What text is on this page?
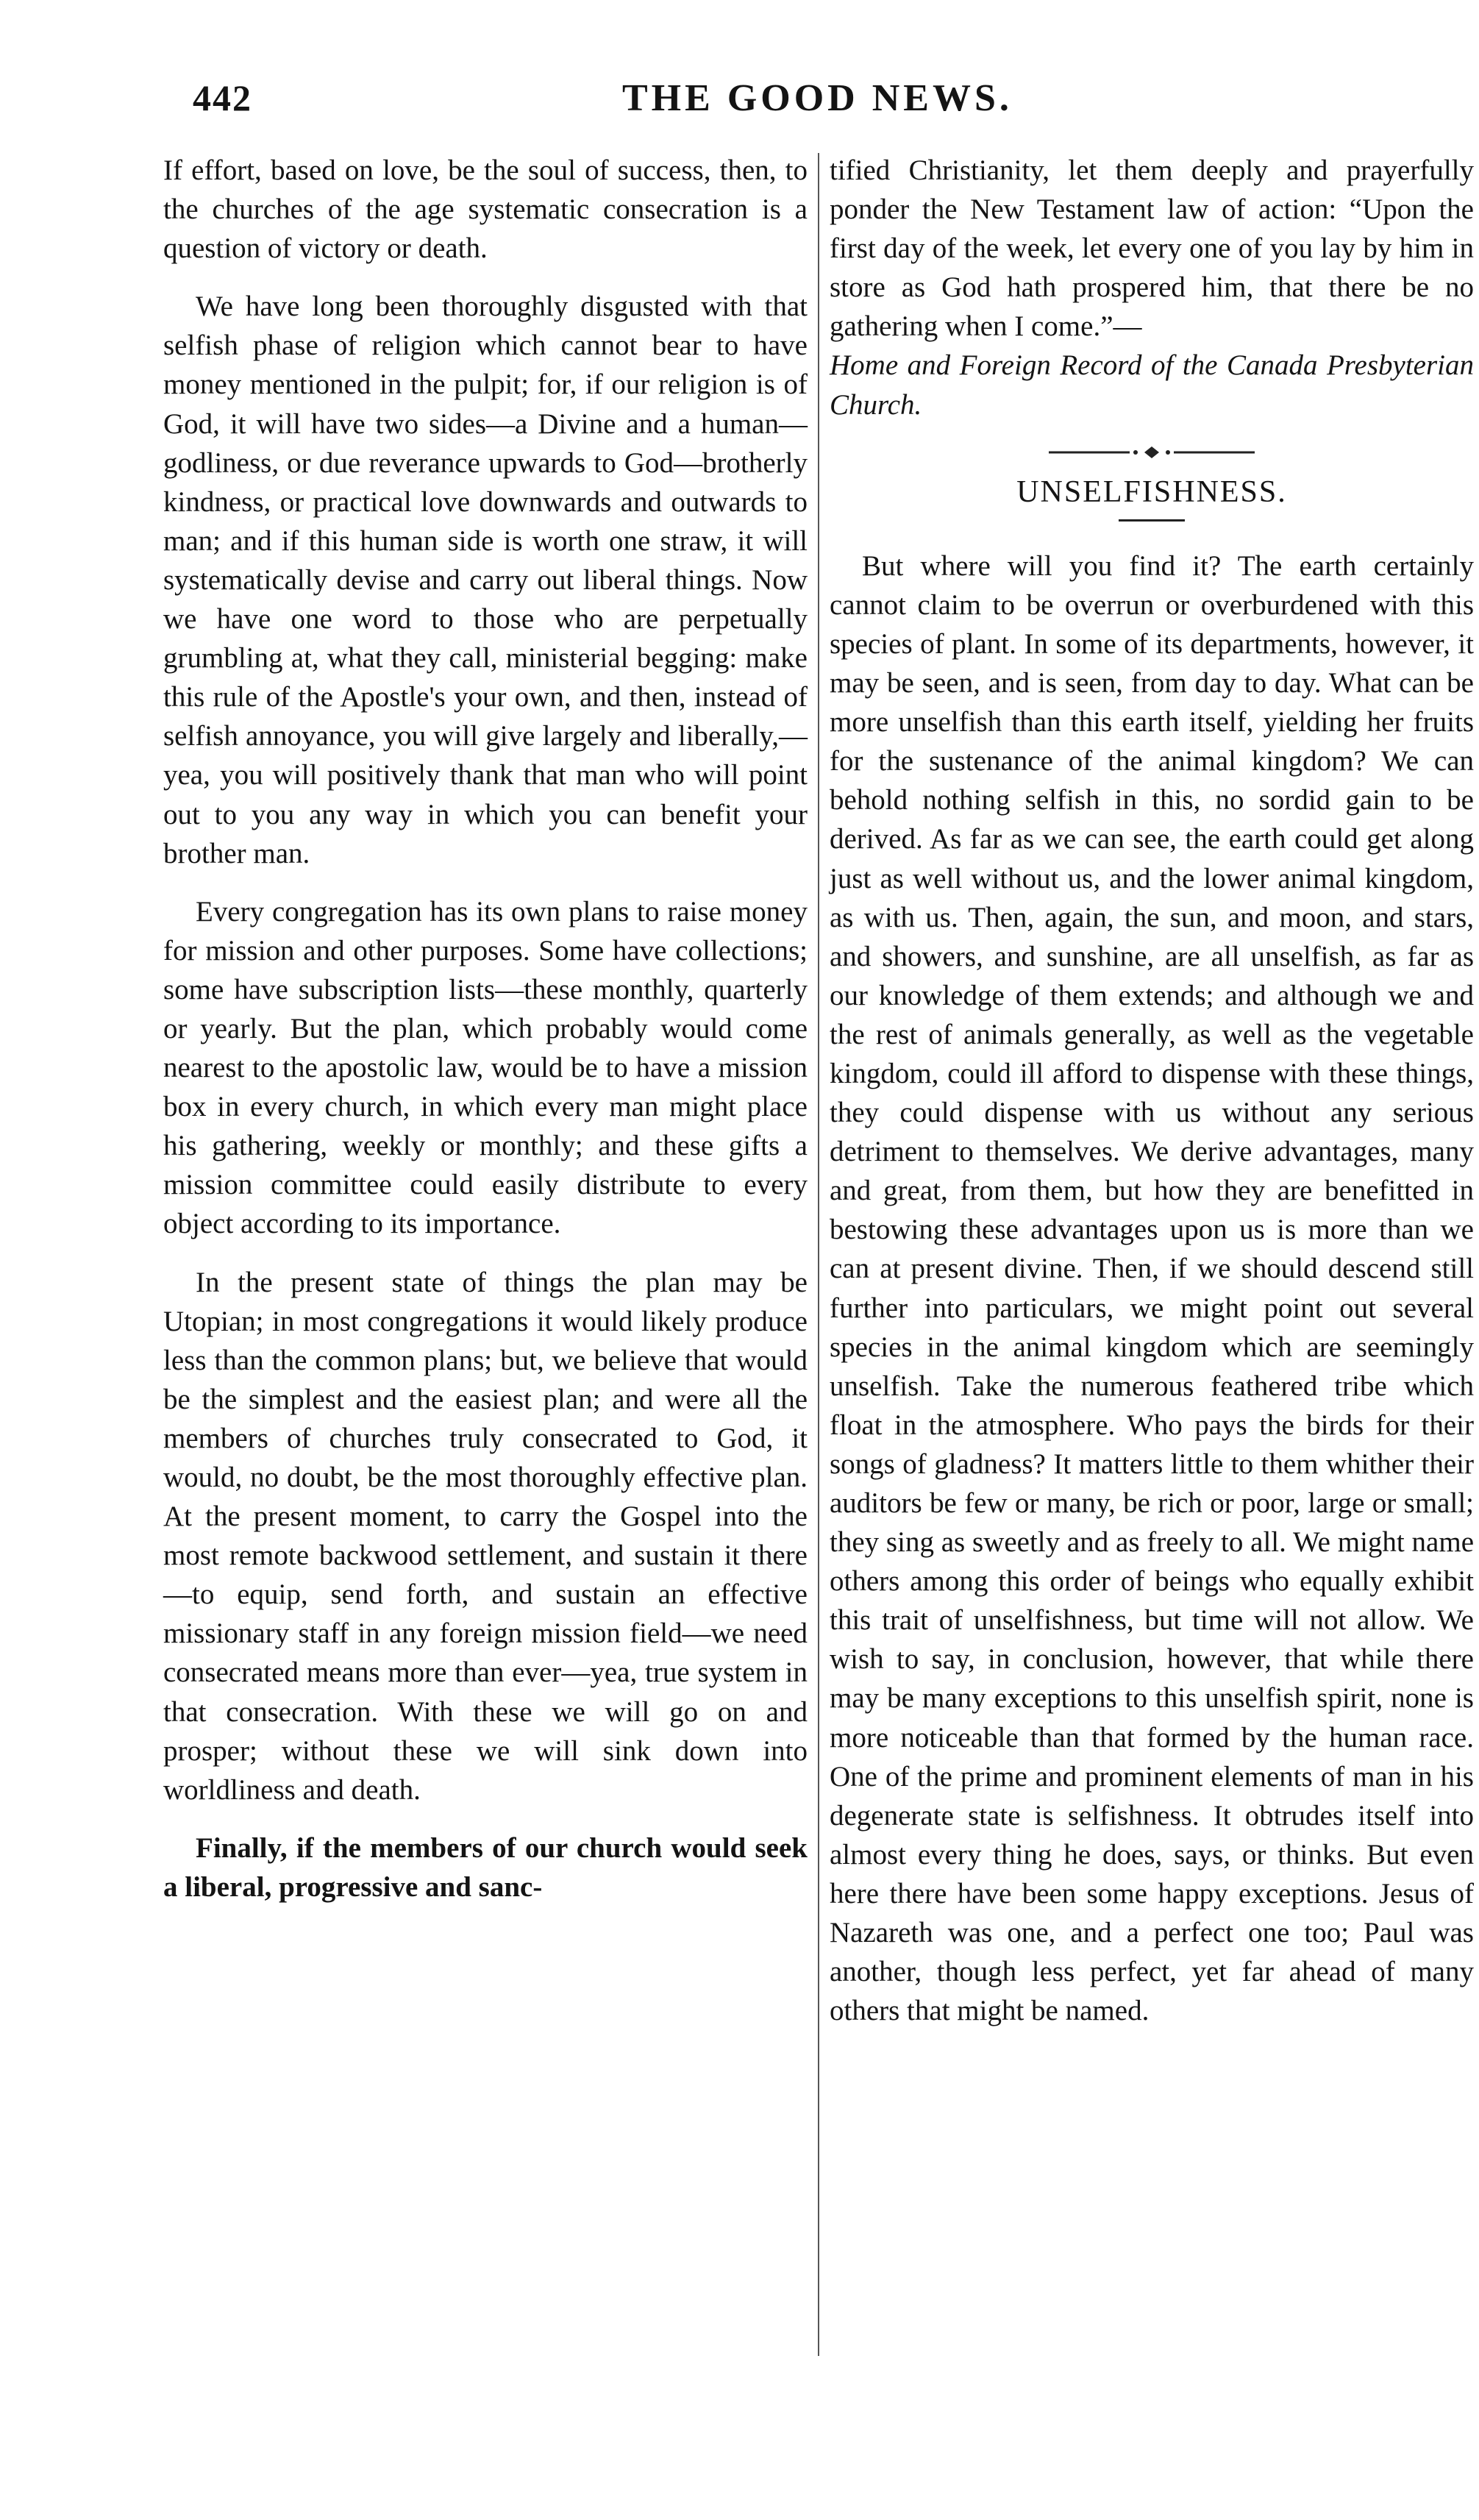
442	THE GOOD NEWS.

If effort, based on love, be the soul of success, then, to the churches of the age systematic consecration is a question of victory or death.

We have long been thoroughly disgusted with that selfish phase of religion which cannot bear to have money mentioned in the pulpit; for, if our religion is of God, it will have two sides—a Divine and a human—godliness, or due reverance upwards to God—brotherly kindness, or practical love downwards and outwards to man; and if this human side is worth one straw, it will systematically devise and carry out liberal things. Now we have one word to those who are perpetually grumbling at, what they call, ministerial begging: make this rule of the Apostle's your own, and then, instead of selfish annoyance, you will give largely and liberally,—yea, you will positively thank that man who will point out to you any way in which you can benefit your brother man.

Every congregation has its own plans to raise money for mission and other purposes. Some have collections; some have subscription lists—these monthly, quarterly or yearly. But the plan, which probably would come nearest to the apostolic law, would be to have a mission box in every church, in which every man might place his gathering, weekly or monthly; and these gifts a mission committee could easily distribute to every object according to its importance.

In the present state of things the plan may be Utopian; in most congregations it would likely produce less than the common plans; but, we believe that would be the simplest and the easiest plan; and were all the members of churches truly consecrated to God, it would, no doubt, be the most thoroughly effective plan. At the present moment, to carry the Gospel into the most remote backwood settlement, and sustain it there—to equip, send forth, and sustain an effective missionary staff in any foreign mission field—we need consecrated means more than ever—yea, true system in that consecration. With these we will go on and prosper; without these we will sink down into worldliness and death.

Finally, if the members of our church would seek a liberal, progressive and sanc-

tified Christianity, let them deeply and prayerfully ponder the New Testament law of action: “Upon the first day of the week, let every one of you lay by him in store as God hath prospered him, that there be no gathering when I come.”—

Home and Foreign Record of the Canada Presbyterian Church.

UNSELFISHNESS.

But where will you find it? The earth certainly cannot claim to be overrun or overburdened with this species of plant. In some of its departments, however, it may be seen, and is seen, from day to day. What can be more unselfish than this earth itself, yielding her fruits for the sustenance of the animal kingdom? We can behold nothing selfish in this, no sordid gain to be derived. As far as we can see, the earth could get along just as well without us, and the lower animal kingdom, as with us. Then, again, the sun, and moon, and stars, and showers, and sunshine, are all unselfish, as far as our knowledge of them extends; and although we and the rest of animals generally, as well as the vegetable kingdom, could ill afford to dispense with these things, they could dispense with us without any serious detriment to themselves. We derive advantages, many and great, from them, but how they are benefitted in bestowing these advantages upon us is more than we can at present divine. Then, if we should descend still further into particulars, we might point out several species in the animal kingdom which are seemingly unselfish. Take the numerous feathered tribe which float in the atmosphere. Who pays the birds for their songs of gladness? It matters little to them whither their auditors be few or many, be rich or poor, large or small; they sing as sweetly and as freely to all. We might name others among this order of beings who equally exhibit this trait of unselfishness, but time will not allow. We wish to say, in conclusion, however, that while there may be many exceptions to this unselfish spirit, none is more noticeable than that formed by the human race. One of the prime and prominent elements of man in his degenerate state is selfishness. It obtrudes itself into almost every thing he does, says, or thinks. But even here there have been some happy exceptions. Jesus of Nazareth was one, and a perfect one too; Paul was another, though less perfect, yet far ahead of many others that might be named.
